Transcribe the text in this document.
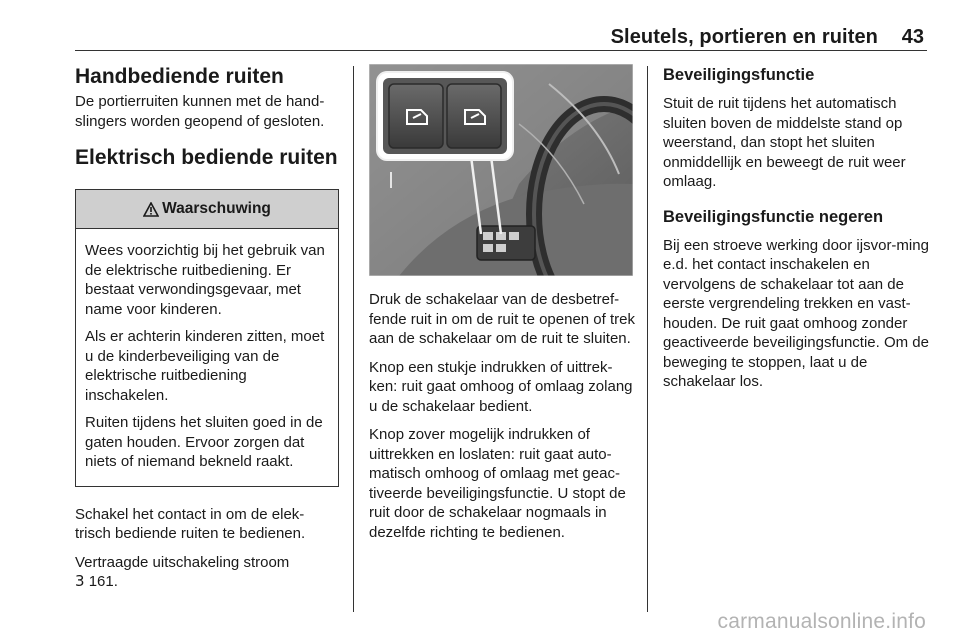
Sleutels, portieren en ruiten 43
Handbediende ruiten

De portierruiten kunnen met de hand-slingers worden geopend of gesloten.

Elektrisch bediende ruiten
Waarschuwing

Wees voorzichtig bij het gebruik van de elektrische ruitbediening. Er bestaat verwondingsgevaar, met name voor kinderen.

Als er achterin kinderen zitten, moet u de kinderbeveiliging van de elektrische ruitbediening inschakelen.

Ruiten tijdens het sluiten goed in de gaten houden. Ervoor zorgen dat niets of niemand bekneld raakt.

Schakel het contact in om de elek-trisch bediende ruiten te bedienen.

Vertraagde uitschakeling stroom
3 161.

Druk de schakelaar van de desbetref-fende ruit in om de ruit te openen of trek aan de schakelaar om de ruit te sluiten.

Knop een stukje indrukken of uittrek-ken: ruit gaat omhoog of omlaag zolang u de schakelaar bedient.

Knop zover mogelijk indrukken of uittrekken en loslaten: ruit gaat auto-matisch omhoog of omlaag met geac-tiveerde beveiligingsfunctie. U stopt de ruit door de schakelaar nogmaals in dezelfde richting te bedienen.

Beveiligingsfunctie

Stuit de ruit tijdens het automatisch sluiten boven de middelste stand op weerstand, dan stopt het sluiten onmiddellijk en beweegt de ruit weer omlaag.

Beveiligingsfunctie negeren

Bij een stroeve werking door ijsvor-ming e.d. het contact inschakelen en vervolgens de schakelaar tot aan de eerste vergrendeling trekken en vast-houden. De ruit gaat omhoog zonder geactiveerde beveiligingsfunctie. Om de beweging te stoppen, laat u de schakelaar los.

carmanualsonline.info
